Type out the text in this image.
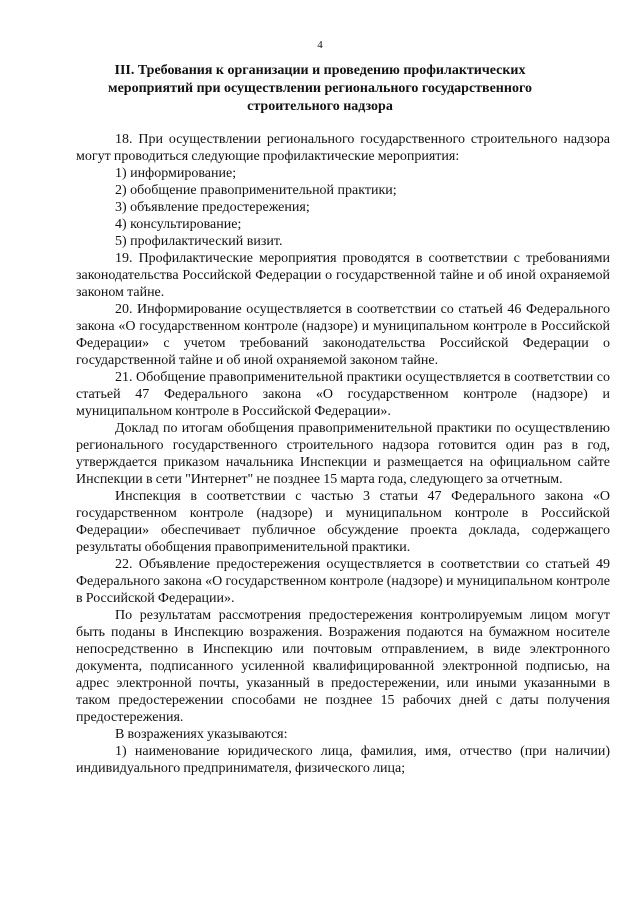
4
III. Требования к организации и проведению профилактических мероприятий при осуществлении регионального государственного строительного надзора

18. При осуществлении регионального государственного строительного надзора могут проводиться следующие профилактические мероприятия:

1) информирование;

2) обобщение правоприменительной практики;

3) объявление предостережения;

4) консультирование;

5) профилактический визит.

19. Профилактические мероприятия проводятся в соответствии с требованиями законодательства Российской Федерации о государственной тайне и об иной охраняемой законом тайне.

20. Информирование осуществляется в соответствии со статьей 46 Федерального закона «О государственном контроле (надзоре) и муниципальном контроле в Российской Федерации» с учетом требований законодательства Российской Федерации о государственной тайне и об иной охраняемой законом тайне.

21. Обобщение правоприменительной практики осуществляется в соответствии со статьей 47 Федерального закона «О государственном контроле (надзоре) и муниципальном контроле в Российской Федерации».

Доклад по итогам обобщения правоприменительной практики по осуществлению регионального государственного строительного надзора готовится один раз в год, утверждается приказом начальника Инспекции и размещается на официальном сайте Инспекции в сети "Интернет" не позднее 15 марта года, следующего за отчетным.

Инспекция в соответствии с частью 3 статьи 47 Федерального закона «О государственном контроле (надзоре) и муниципальном контроле в Российской Федерации» обеспечивает публичное обсуждение проекта доклада, содержащего результаты обобщения правоприменительной практики.

22. Объявление предостережения осуществляется в соответствии со статьей 49 Федерального закона «О государственном контроле (надзоре) и муниципальном контроле в Российской Федерации».

По результатам рассмотрения предостережения контролируемым лицом могут быть поданы в Инспекцию возражения. Возражения подаются на бумажном носителе непосредственно в Инспекцию или почтовым отправлением, в виде электронного документа, подписанного усиленной квалифицированной электронной подписью, на адрес электронной почты, указанный в предостережении, или иными указанными в таком предостережении способами не позднее 15 рабочих дней с даты получения предостережения.

В возражениях указываются:

1) наименование юридического лица, фамилия, имя, отчество (при наличии) индивидуального предпринимателя, физического лица;
